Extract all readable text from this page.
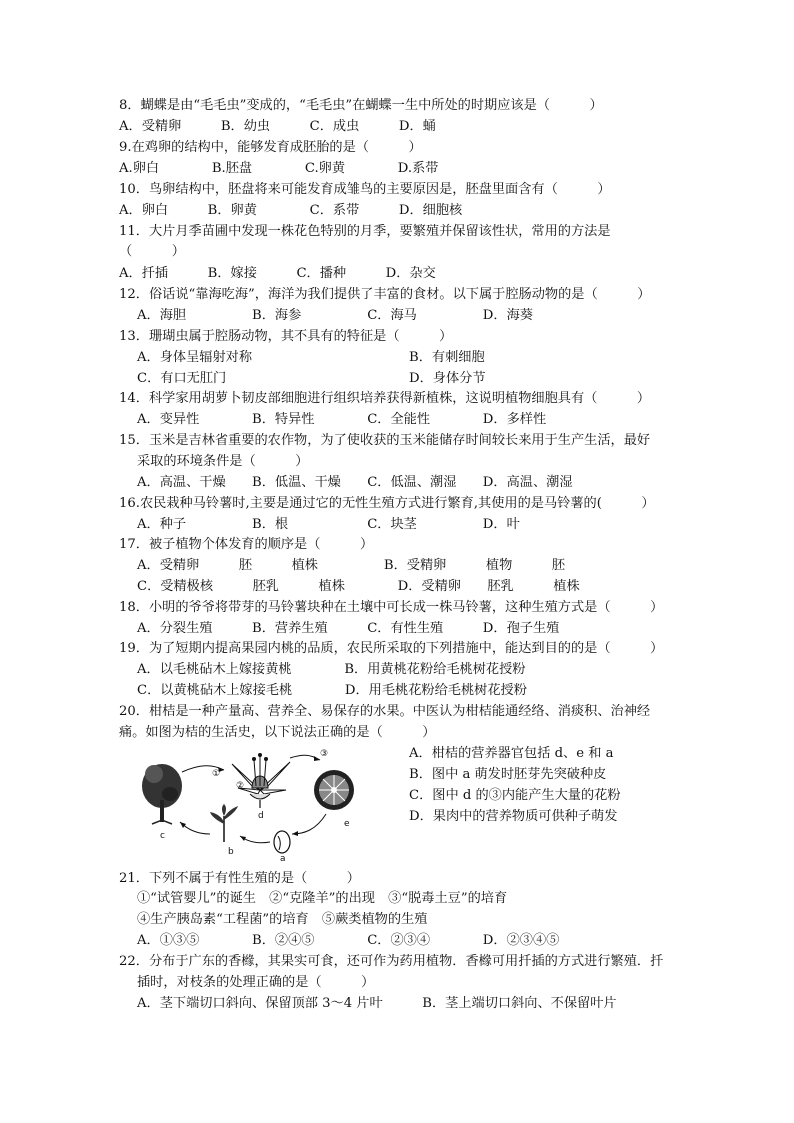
8．蝴蝶是由“毛毛虫”变成的，“毛毛虫”在蝴蝶一生中所处的时期应该是（　　　）
A．受精卵　　　B．幼虫　　　C．成虫　　　D．蛹
9.在鸡卵的结构中，能够发育成胚胎的是（　　　）
A.卵白　　　　B.胚盘　　　　C.卵黄　　　　D.系带
10．鸟卵结构中，胚盘将来可能发育成雏鸟的主要原因是，胚盘里面含有（　　　）
A．卵白　　　B．卵黄　　　　C．系带　　　D．细胞核
11．大片月季苗圃中发现一株花色特别的月季，要繁殖并保留该性状，常用的方法是
（　　　）
A．扦插　　　B．嫁接　　　C．播种　　　D．杂交
12．俗话说“靠海吃海”，海洋为我们提供了丰富的食材。以下属于腔肠动物的是（　　　）
A．海胆　　　　　B．海参　　　　　C．海马　　　　　D．海葵
13．珊瑚虫属于腔肠动物，其不具有的特征是（　　　）
A．身体呈辐射对称	B．有刺细胞
C．有口无肛门	D．身体分节
14．科学家用胡萝卜韧皮部细胞进行组织培养获得新植株，这说明植物细胞具有（　　　）
A．变异性　　　　B．特异性　　　　C．全能性　　　　D．多样性
15．玉米是吉林省重要的农作物，为了使收获的玉米能储存时间较长来用于生产生活，最好
采取的环境条件是（　　　）
A．高温、干燥　　B．低温、干燥　　C．低温、潮湿　　D．高温、潮湿
16.农民栽种马铃薯时,主要是通过它的无性生殖方式进行繁育,其使用的是马铃薯的(　　　）
A．种子　　　　　B．根　　　　　　C．块茎　　　　　D．叶
17．被子植物个体发育的顺序是（　　　）
A．受精卵　　　胚　　　植株　　　　　B．受精卵　　　植物　　　胚
C．受精极核　　　胚乳　　　植株　　　　D．受精卵　　胚乳　　　植株
18．小明的爷爷将带芽的马铃薯块种在土壤中可长成一株马铃薯，这种生殖方式是（　　　）
A．分裂生殖　　　B．营养生殖　　　C．有性生殖　　　D．孢子生殖
19．为了短期内提高果园内桃的品质，农民所采取的下列措施中，能达到目的的是（　　　）
A．以毛桃砧木上嫁接黄桃　　　　B．用黄桃花粉给毛桃树花授粉
C．以黄桃砧木上嫁接毛桃　　　　D．用毛桃花粉给毛桃树花授粉
20．柑桔是一种产量高、营养全、易保存的水果。中医认为柑桔能通经络、消痰积、治神经
痛。如图为桔的生活史，以下说法正确的是（　　　）
A．柑桔的营养器官包括 d、e 和 a
B．图中 a 萌发时胚芽先突破种皮
C．图中 d 的③内能产生大量的花粉
D．果肉中的营养物质可供种子萌发
21．下列不属于有性生殖的是（　　　）
①“试管婴儿”的诞生　②“克隆羊”的出现　③“脱毒土豆”的培育
④生产胰岛素“工程菌”的培育　⑤蕨类植物的生殖
A．①③⑤　　　　B．②④⑤　　　　C．②③④　　　　D．②③④⑤
22．分布于广东的香橼，其果实可食，还可作为药用植物．香橼可用扦插的方式进行繁殖．扦
插时，对枝条的处理正确的是（　　　）
A．茎下端切口斜向、保留顶部 3～4 片叶　　　B．茎上端切口斜向、不保留叶片
c
①
②
d
③
e
a
b
